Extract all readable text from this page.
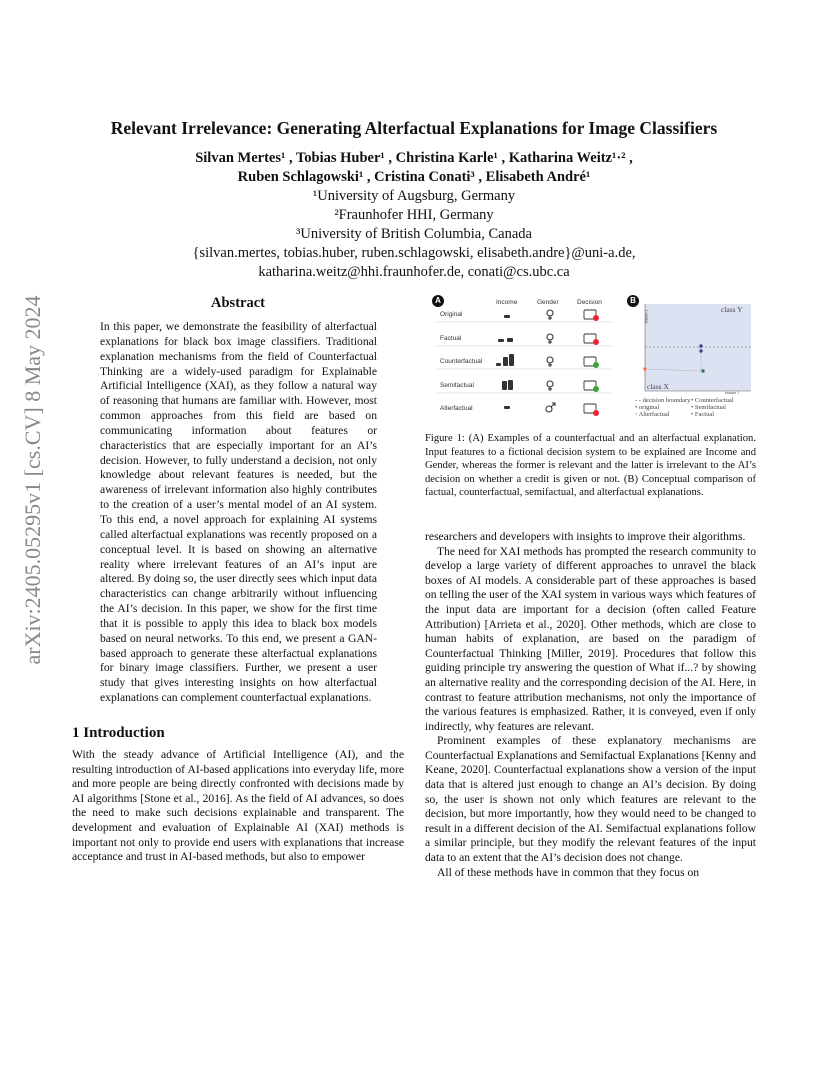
arXiv:2405.05295v1 [cs.CV] 8 May 2024
Relevant Irrelevance: Generating Alterfactual Explanations for Image Classifiers
Silvan Mertes¹ , Tobias Huber¹ , Christina Karle¹ , Katharina Weitz¹·² ,
Ruben Schlagowski¹ , Cristina Conati³ , Elisabeth André¹
¹University of Augsburg, Germany
²Fraunhofer HHI, Germany
³University of British Columbia, Canada
{silvan.mertes, tobias.huber, ruben.schlagowski, elisabeth.andre}@uni-a.de,
katharina.weitz@hhi.fraunhofer.de, conati@cs.ubc.ca
Abstract
In this paper, we demonstrate the feasibility of alterfactual explanations for black box image classifiers. Traditional explanation mechanisms from the field of Counterfactual Thinking are a widely-used paradigm for Explainable Artificial Intelligence (XAI), as they follow a natural way of reasoning that humans are familiar with. However, most common approaches from this field are based on communicating information about features or characteristics that are especially important for an AI’s decision. However, to fully understand a decision, not only knowledge about relevant features is needed, but the awareness of irrelevant information also highly contributes to the creation of a user’s mental model of an AI system. To this end, a novel approach for explaining AI systems called alterfactual explanations was recently proposed on a conceptual level. It is based on showing an alternative reality where irrelevant features of an AI’s input are altered. By doing so, the user directly sees which input data characteristics can change arbitrarily without influencing the AI’s decision. In this paper, we show for the first time that it is possible to apply this idea to black box models based on neural networks. To this end, we present a GAN-based approach to generate these alterfactual explanations for binary image classifiers. Further, we present a user study that gives interesting insights on how alterfactual explanations can complement counterfactual explanations.
1 Introduction
With the steady advance of Artificial Intelligence (AI), and the resulting introduction of AI-based applications into everyday life, more and more people are being directly confronted with decisions made by AI algorithms [Stone et al., 2016]. As the field of AI advances, so does the need to make such decisions explainable and transparent. The development and evaluation of Explainable AI (XAI) methods is important not only to provide end users with explanations that increase acceptance and trust in AI-based methods, but also to empower
A	Income	Gender	Decision
Original
Factual
Counterfactual
Semifactual
Alterfactual
B
class Y
class X
feature 2
feature 1
- - decision boundary• Counterfactual
• original	• Semifactual
• Alterfactual	• Factual
Figure 1: (A) Examples of a counterfactual and an alterfactual explanation. Input features to a fictional decision system to be explained are Income and Gender, whereas the former is relevant and the latter is irrelevant to the AI’s decision on whether a credit is given or not. (B) Conceptual comparison of factual, counterfactual, semifactual, and alterfactual explanations.
researchers and developers with insights to improve their algorithms.
The need for XAI methods has prompted the research community to develop a large variety of different approaches to unravel the black boxes of AI models. A considerable part of these approaches is based on telling the user of the XAI system in various ways which features of the input data are important for a decision (often called Feature Attribution) [Arrieta et al., 2020]. Other methods, which are close to human habits of explanation, are based on the paradigm of Counterfactual Thinking [Miller, 2019]. Procedures that follow this guiding principle try answering the question of What if...? by showing an alternative reality and the corresponding decision of the AI. Here, in contrast to feature attribution mechanisms, not only the importance of the various features is emphasized. Rather, it is conveyed, even if only indirectly, why features are relevant.
Prominent examples of these explanatory mechanisms are Counterfactual Explanations and Semifactual Explanations [Kenny and Keane, 2020]. Counterfactual explanations show a version of the input data that is altered just enough to change an AI’s decision. By doing so, the user is shown not only which features are relevant to the decision, but more importantly, how they would need to be changed to result in a different decision of the AI. Semifactual explanations follow a similar principle, but they modify the relevant features of the input data to an extent that the AI’s decision does not change.
All of these methods have in common that they focus on
